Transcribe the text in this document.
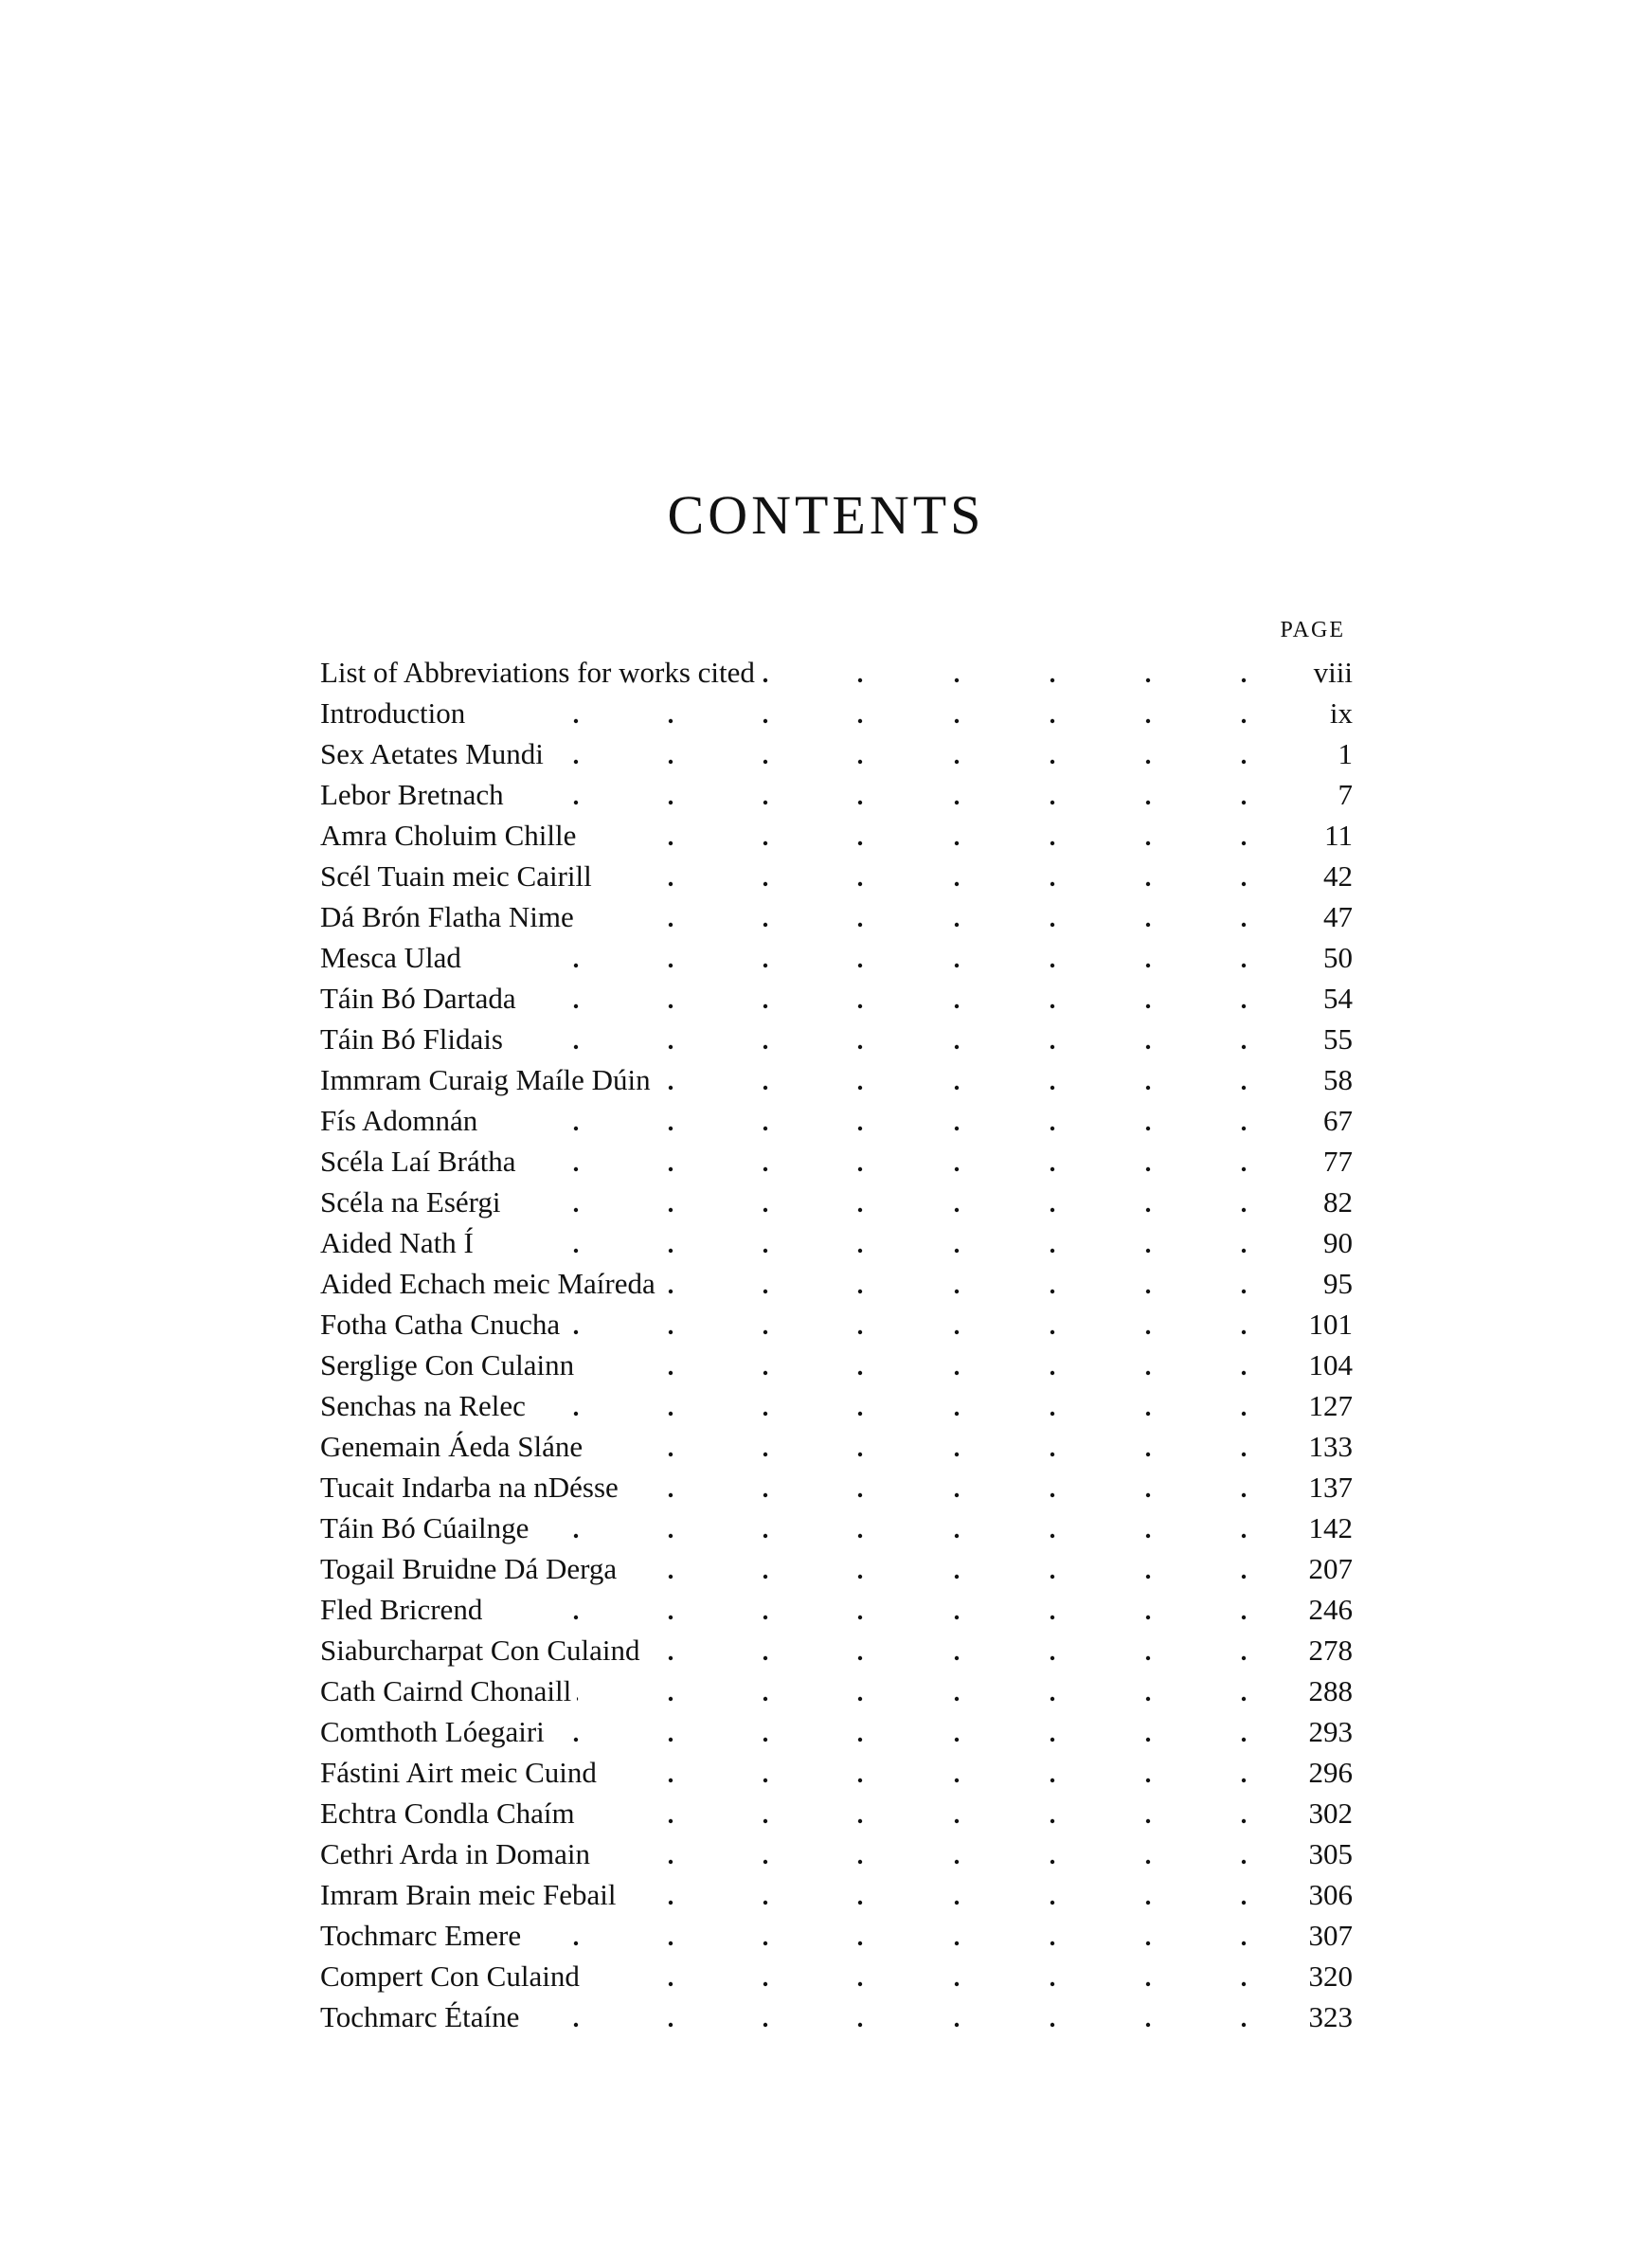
CONTENTS
PAGE
List of Abbreviations for works cited	viii
Introduction	ix
Sex Aetates Mundi	1
Lebor Bretnach	7
Amra Choluim Chille	11
Scél Tuain meic Cairill	42
Dá Brón Flatha Nime	47
Mesca Ulad	50
Táin Bó Dartada	54
Táin Bó Flidais	55
Immram Curaig Maíle Dúin	58
Fís Adomnán	67
Scéla Laí Brátha	77
Scéla na Esérgi	82
Aided Nath Í	90
Aided Echach meic Maíreda	95
Fotha Catha Cnucha	101
Serglige Con Culainn	104
Senchas na Relec	127
Genemain Áeda Sláne	133
Tucait Indarba na nDésse	137
Táin Bó Cúailnge	142
Togail Bruidne Dá Derga	207
Fled Bricrend	246
Siaburcharpat Con Culaind	278
Cath Cairnd Chonaill	288
Comthoth Lóegairi	293
Fástini Airt meic Cuind	296
Echtra Condla Chaím	302
Cethri Arda in Domain	305
Imram Brain meic Febail	306
Tochmarc Emere	307
Compert Con Culaind	320
Tochmarc Étaíne	323
